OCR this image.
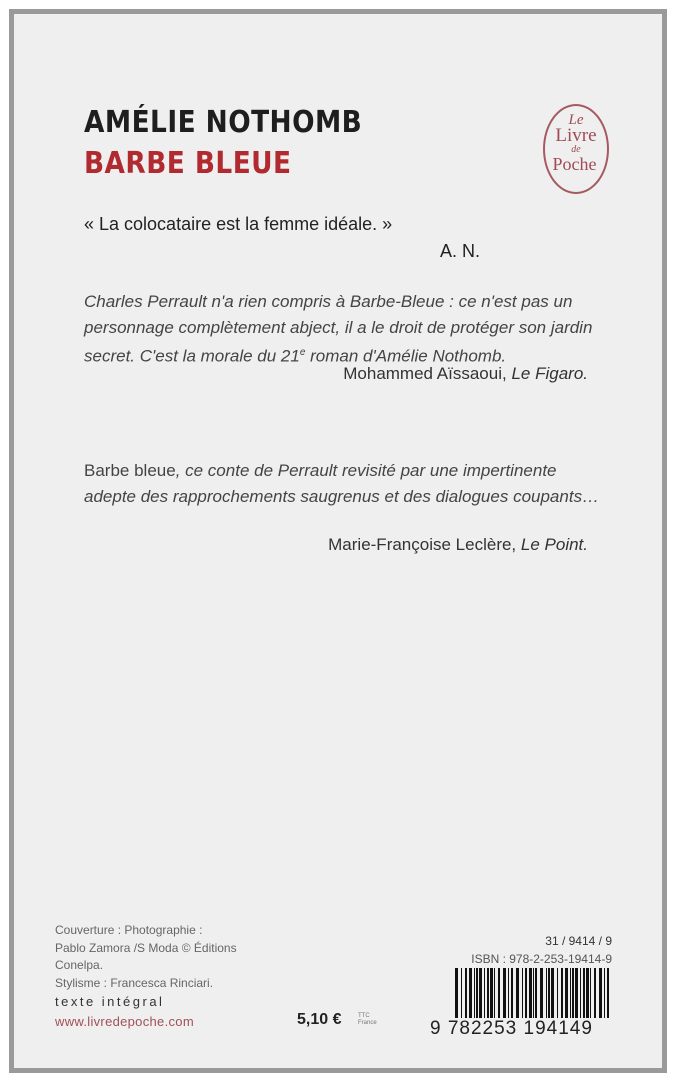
AMÉLIE NOTHOMB
BARBE BLEUE
Le
Livre
de
Poche
« La colocataire est la femme idéale. »
A. N.
Charles Perrault n'a rien compris à Barbe-Bleue : ce n'est pas un personnage complètement abject, il a le droit de protéger son jardin secret. C'est la morale du 21e roman d'Amélie Nothomb.
Mohammed Aïssaoui, Le Figaro.
Barbe bleue, ce conte de Perrault revisité par une impertinente adepte des rapprochements saugrenus et des dialogues coupants…
Marie-Françoise Leclère, Le Point.
Couverture : Photographie :
Pablo Zamora /S Moda © Éditions
Conelpa.
Stylisme : Francesca Rinciari.
texte intégral
www.livredepoche.com	5,10 €	TTC
France
31 / 9414 / 9
ISBN : 978-2-253-19414-9
9 782253 194149
